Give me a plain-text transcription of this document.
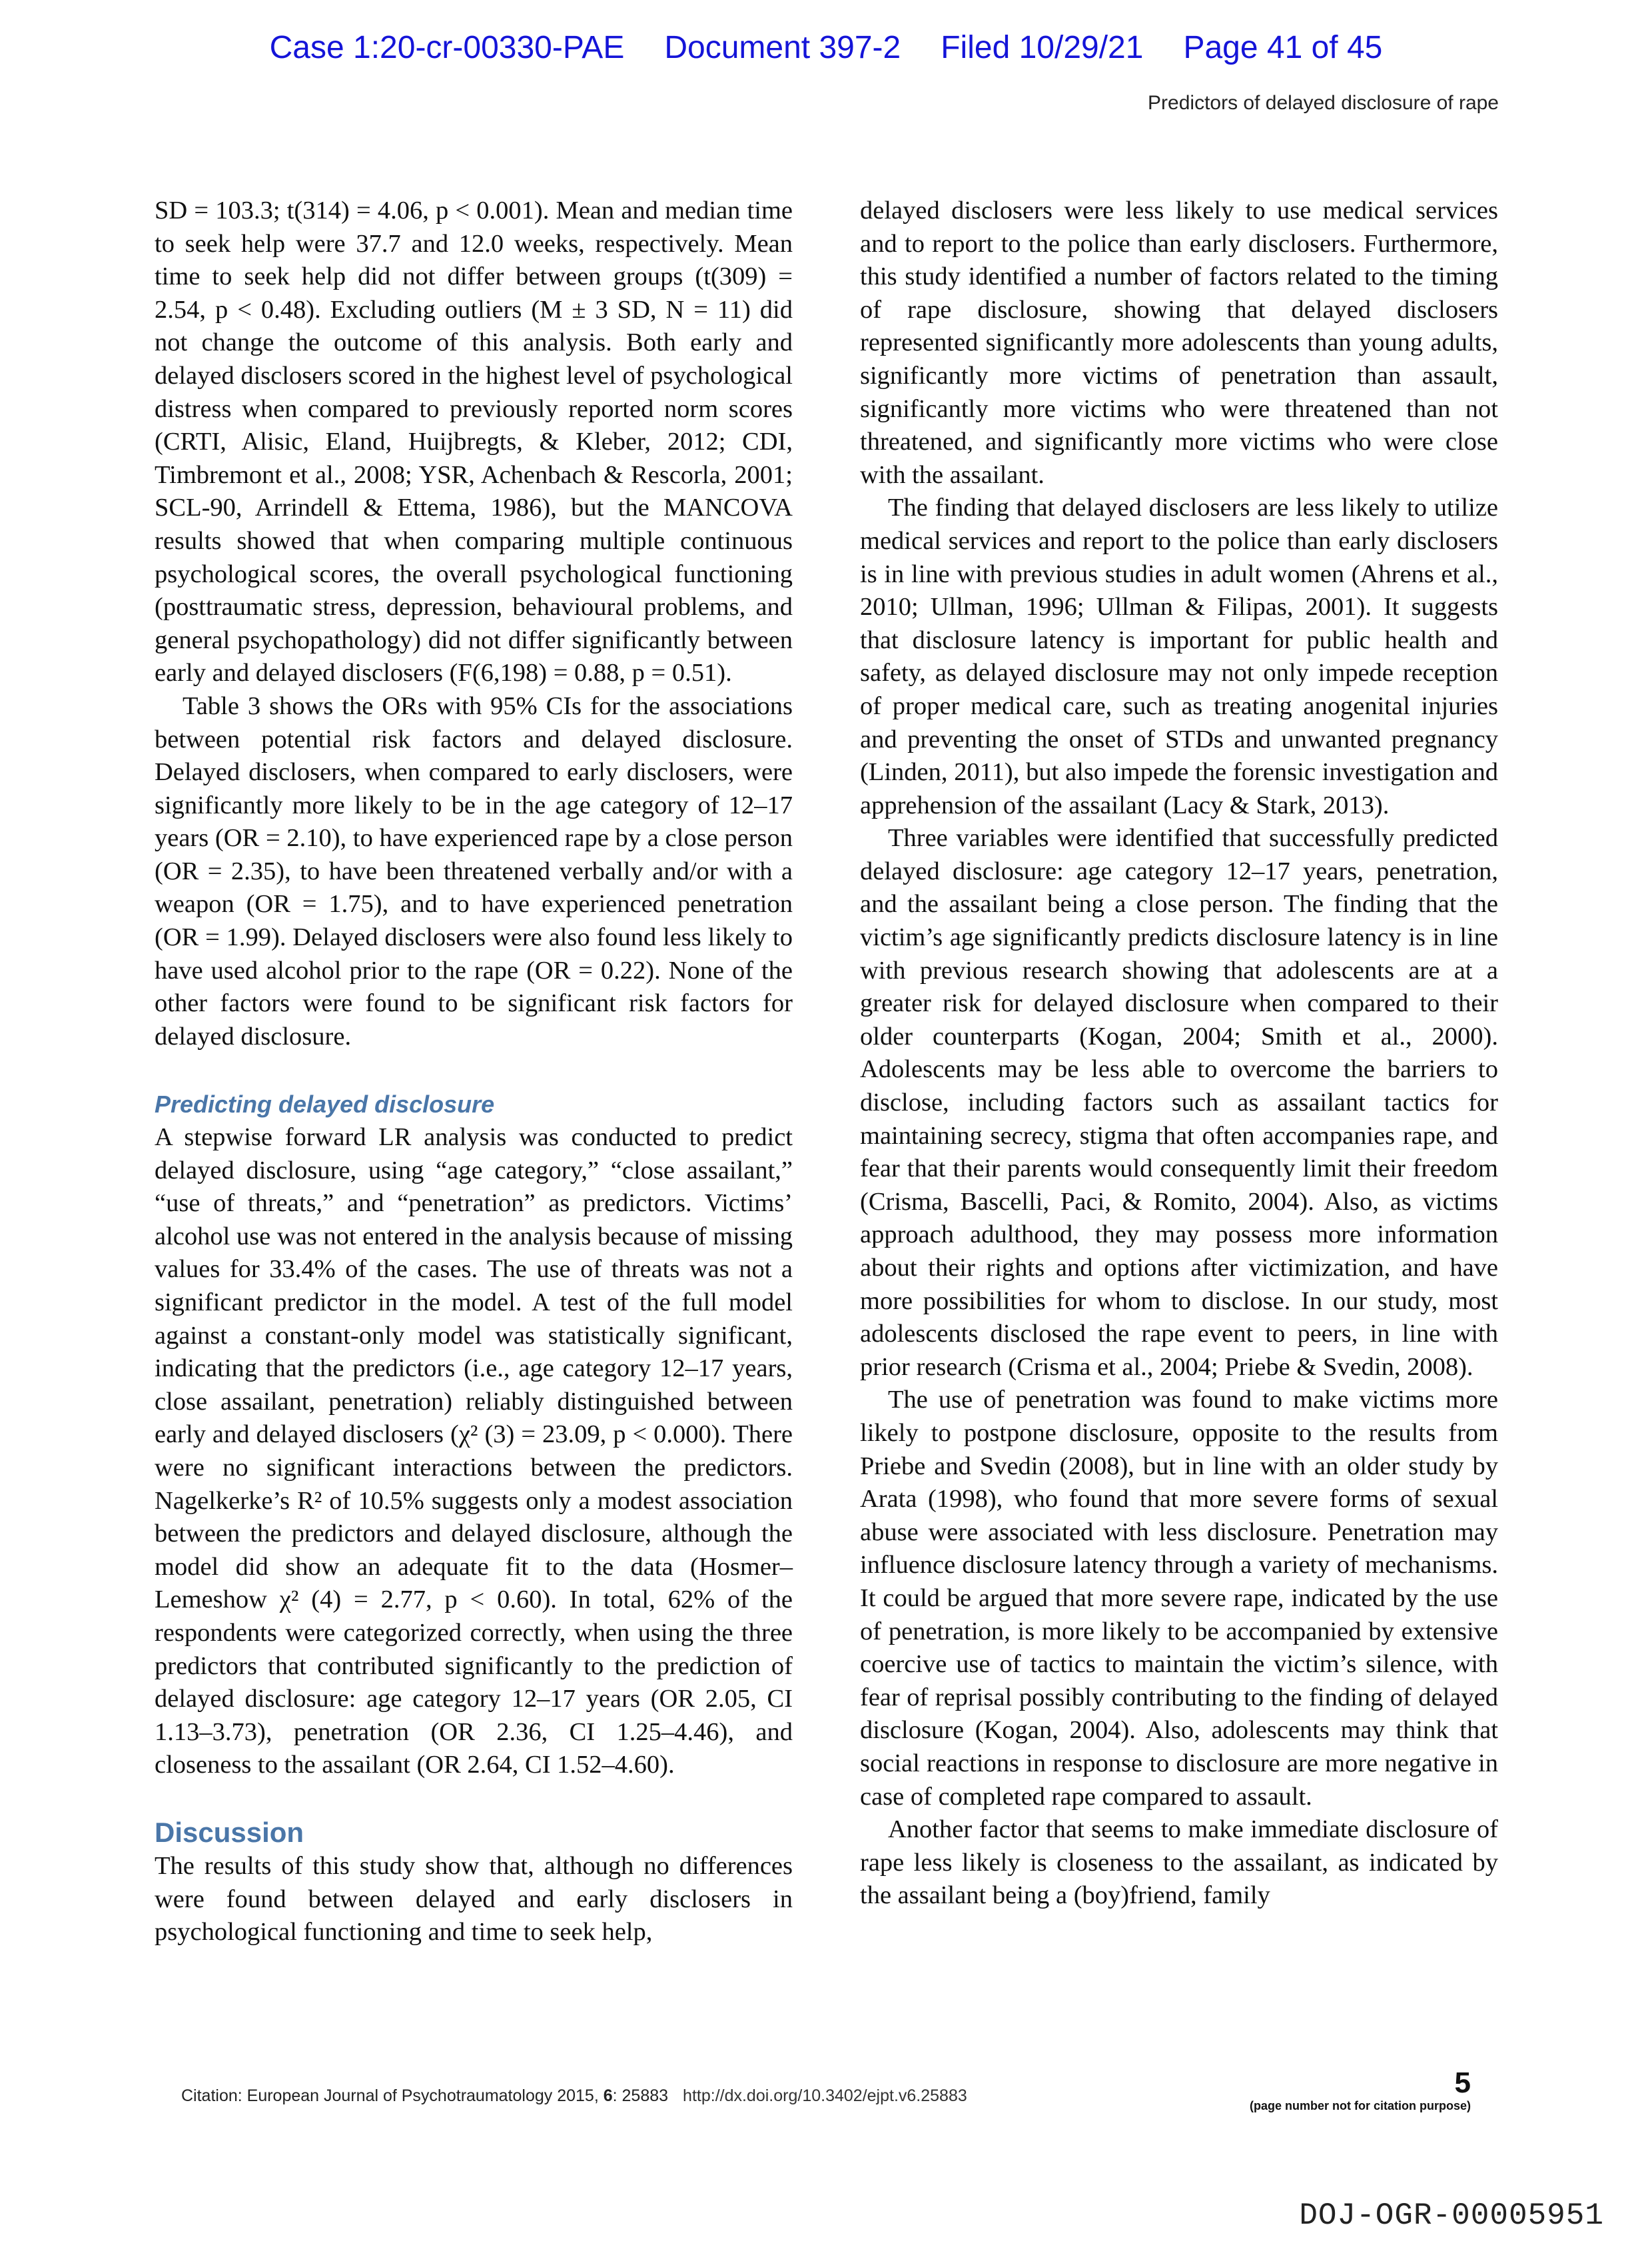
Case 1:20-cr-00330-PAE Document 397-2 Filed 10/29/21 Page 41 of 45
Predictors of delayed disclosure of rape

SD = 103.3; t(314) = 4.06, p < 0.001). Mean and median time to seek help were 37.7 and 12.0 weeks, respectively. Mean time to seek help did not differ between groups (t(309) = 2.54, p < 0.48). Excluding outliers (M ± 3 SD, N = 11) did not change the outcome of this analysis. Both early and delayed disclosers scored in the highest level of psychological distress when compared to previously reported norm scores (CRTI, Alisic, Eland, Huijbregts, & Kleber, 2012; CDI, Timbremont et al., 2008; YSR, Achenbach & Rescorla, 2001; SCL-90, Arrindell & Ettema, 1986), but the MANCOVA results showed that when comparing multiple continuous psychological scores, the overall psychological functioning (posttraumatic stress, depression, behavioural problems, and general psychopathology) did not differ significantly between early and delayed disclosers (F(6,198) = 0.88, p = 0.51).

Table 3 shows the ORs with 95% CIs for the associations between potential risk factors and delayed disclosure. Delayed disclosers, when compared to early disclosers, were significantly more likely to be in the age category of 12–17 years (OR = 2.10), to have experienced rape by a close person (OR = 2.35), to have been threatened verbally and/or with a weapon (OR = 1.75), and to have experienced penetration (OR = 1.99). Delayed disclosers were also found less likely to have used alcohol prior to the rape (OR = 0.22). None of the other factors were found to be significant risk factors for delayed disclosure.

Predicting delayed disclosure

A stepwise forward LR analysis was conducted to predict delayed disclosure, using “age category,” “close assailant,” “use of threats,” and “penetration” as predictors. Victims’ alcohol use was not entered in the analysis because of missing values for 33.4% of the cases. The use of threats was not a significant predictor in the model. A test of the full model against a constant-only model was statistically significant, indicating that the predictors (i.e., age category 12–17 years, close assailant, penetration) reliably distinguished between early and delayed disclosers (χ² (3) = 23.09, p < 0.000). There were no significant interactions between the predictors. Nagelkerke’s R² of 10.5% suggests only a modest association between the predictors and delayed disclosure, although the model did show an adequate fit to the data (Hosmer–Lemeshow χ² (4) = 2.77, p < 0.60). In total, 62% of the respondents were categorized correctly, when using the three predictors that contributed significantly to the prediction of delayed disclosure: age category 12–17 years (OR 2.05, CI 1.13–3.73), penetration (OR 2.36, CI 1.25–4.46), and closeness to the assailant (OR 2.64, CI 1.52–4.60).

Discussion

The results of this study show that, although no differences were found between delayed and early disclosers in psychological functioning and time to seek help,

delayed disclosers were less likely to use medical services and to report to the police than early disclosers. Furthermore, this study identified a number of factors related to the timing of rape disclosure, showing that delayed disclosers represented significantly more adolescents than young adults, significantly more victims of penetration than assault, significantly more victims who were threatened than not threatened, and significantly more victims who were close with the assailant.

The finding that delayed disclosers are less likely to utilize medical services and report to the police than early disclosers is in line with previous studies in adult women (Ahrens et al., 2010; Ullman, 1996; Ullman & Filipas, 2001). It suggests that disclosure latency is important for public health and safety, as delayed disclosure may not only impede reception of proper medical care, such as treating anogenital injuries and preventing the onset of STDs and unwanted pregnancy (Linden, 2011), but also impede the forensic investigation and apprehension of the assailant (Lacy & Stark, 2013).

Three variables were identified that successfully predicted delayed disclosure: age category 12–17 years, penetration, and the assailant being a close person. The finding that the victim’s age significantly predicts disclosure latency is in line with previous research showing that adolescents are at a greater risk for delayed disclosure when compared to their older counterparts (Kogan, 2004; Smith et al., 2000). Adolescents may be less able to overcome the barriers to disclose, including factors such as assailant tactics for maintaining secrecy, stigma that often accompanies rape, and fear that their parents would consequently limit their freedom (Crisma, Bascelli, Paci, & Romito, 2004). Also, as victims approach adulthood, they may possess more information about their rights and options after victimization, and have more possibilities for whom to disclose. In our study, most adolescents disclosed the rape event to peers, in line with prior research (Crisma et al., 2004; Priebe & Svedin, 2008).

The use of penetration was found to make victims more likely to postpone disclosure, opposite to the results from Priebe and Svedin (2008), but in line with an older study by Arata (1998), who found that more severe forms of sexual abuse were associated with less disclosure. Penetration may influence disclosure latency through a variety of mechanisms. It could be argued that more severe rape, indicated by the use of penetration, is more likely to be accompanied by extensive coercive use of tactics to maintain the victim’s silence, with fear of reprisal possibly contributing to the finding of delayed disclosure (Kogan, 2004). Also, adolescents may think that social reactions in response to disclosure are more negative in case of completed rape compared to assault.

Another factor that seems to make immediate disclosure of rape less likely is closeness to the assailant, as indicated by the assailant being a (boy)friend, family

Citation: European Journal of Psychotraumatology 2015, 6: 25883 http://dx.doi.org/10.3402/ejpt.v6.25883	5
(page number not for citation purpose)
DOJ-OGR-00005951
